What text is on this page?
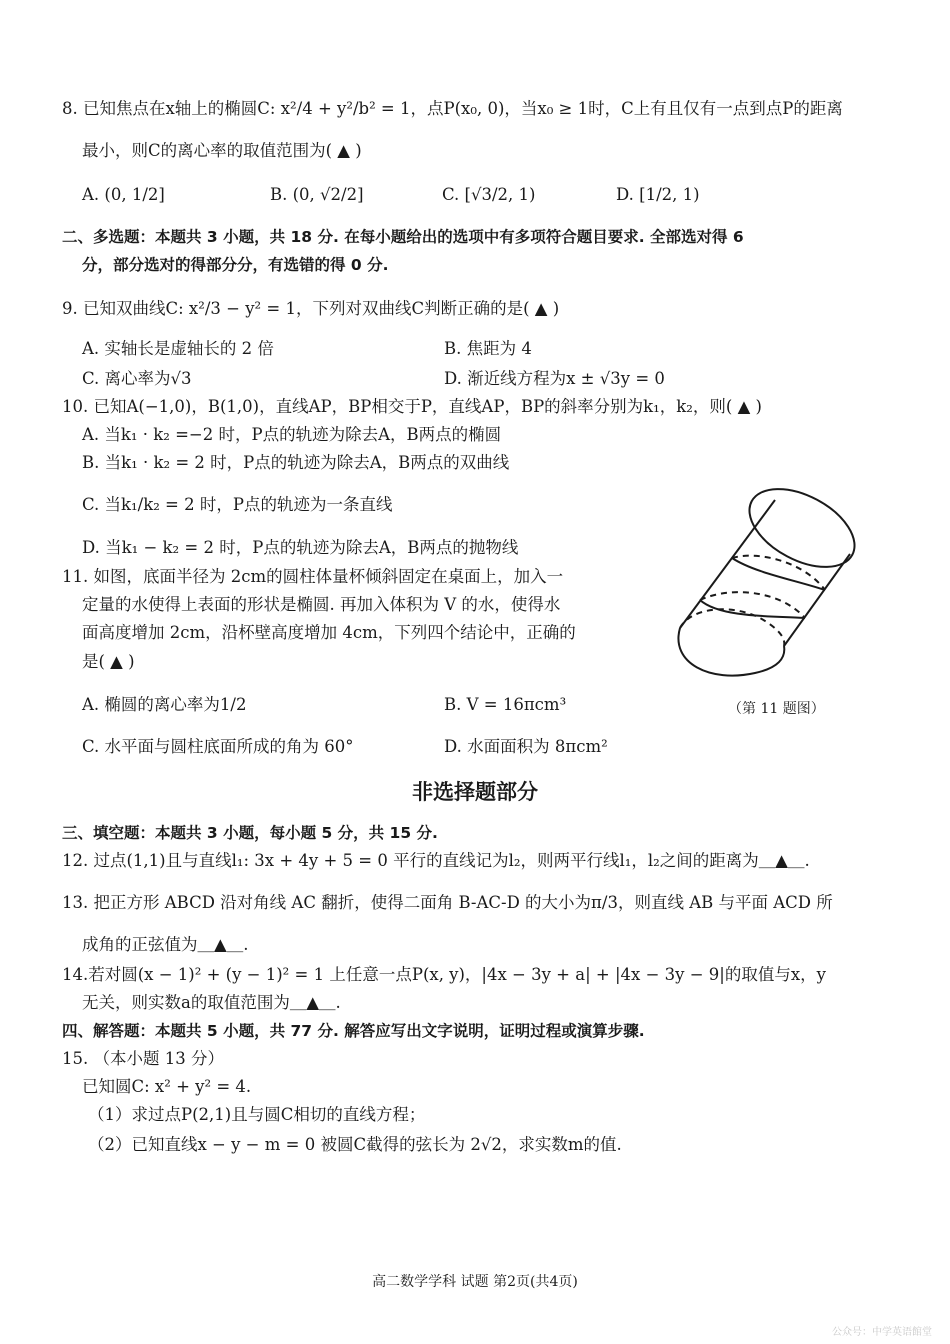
8. 已知焦点在x轴上的椭圆C: x²/4 + y²/b² = 1，点P(x₀, 0)，当x₀ ≥ 1时，C上有且仅有一点到点P的距离
最小，则C的离心率的取值范围为( ▲ )
A. (0, 1/2]	B. (0, √2/2]	C. [√3/2, 1)	D. [1/2, 1)
二、多选题：本题共 3 小题，共 18 分. 在每小题给出的选项中有多项符合题目要求. 全部选对得 6
分，部分选对的得部分分，有选错的得 0 分.
9. 已知双曲线C: x²/3 − y² = 1，下列对双曲线C判断正确的是( ▲ )
A. 实轴长是虚轴长的 2 倍	B. 焦距为 4
C. 离心率为√3	D. 渐近线方程为x ± √3y = 0
10. 已知A(−1,0)，B(1,0)，直线AP，BP相交于P，直线AP，BP的斜率分别为k₁，k₂，则( ▲ )
A. 当k₁ · k₂ =−2 时，P点的轨迹为除去A，B两点的椭圆
B. 当k₁ · k₂ = 2 时，P点的轨迹为除去A，B两点的双曲线
C. 当k₁/k₂ = 2 时，P点的轨迹为一条直线
D. 当k₁ − k₂ = 2 时，P点的轨迹为除去A，B两点的抛物线
11. 如图，底面半径为 2cm的圆柱体量杯倾斜固定在桌面上，加入一
定量的水使得上表面的形状是椭圆. 再加入体积为 V 的水，使得水
面高度增加 2cm，沿杯壁高度增加 4cm，下列四个结论中，正确的
是( ▲ )
A. 椭圆的离心率为1/2	B. V = 16πcm³
C. 水平面与圆柱底面所成的角为 60°	D. 水面面积为 8πcm²
（第 11 题图）
非选择题部分
三、填空题：本题共 3 小题，每小题 5 分，共 15 分.
12. 过点(1,1)且与直线l₁: 3x + 4y + 5 = 0 平行的直线记为l₂，则两平行线l₁，l₂之间的距离为＿▲＿.
13. 把正方形 ABCD 沿对角线 AC 翻折，使得二面角 B-AC-D 的大小为π/3，则直线 AB 与平面 ACD 所
成角的正弦值为＿▲＿.
14.若对圆(x − 1)² + (y − 1)² = 1 上任意一点P(x, y)，|4x − 3y + a| + |4x − 3y − 9|的取值与x，y
无关，则实数a的取值范围为＿▲＿.
四、解答题：本题共 5 小题，共 77 分. 解答应写出文字说明，证明过程或演算步骤.
15. （本小题 13 分）
已知圆C: x² + y² = 4.
（1）求过点P(2,1)且与圆C相切的直线方程；
（2）已知直线x − y − m = 0 被圆C截得的弦长为 2√2，求实数m的值.
高二数学学科 试题 第2页(共4页)
公众号：中学英语館堂
